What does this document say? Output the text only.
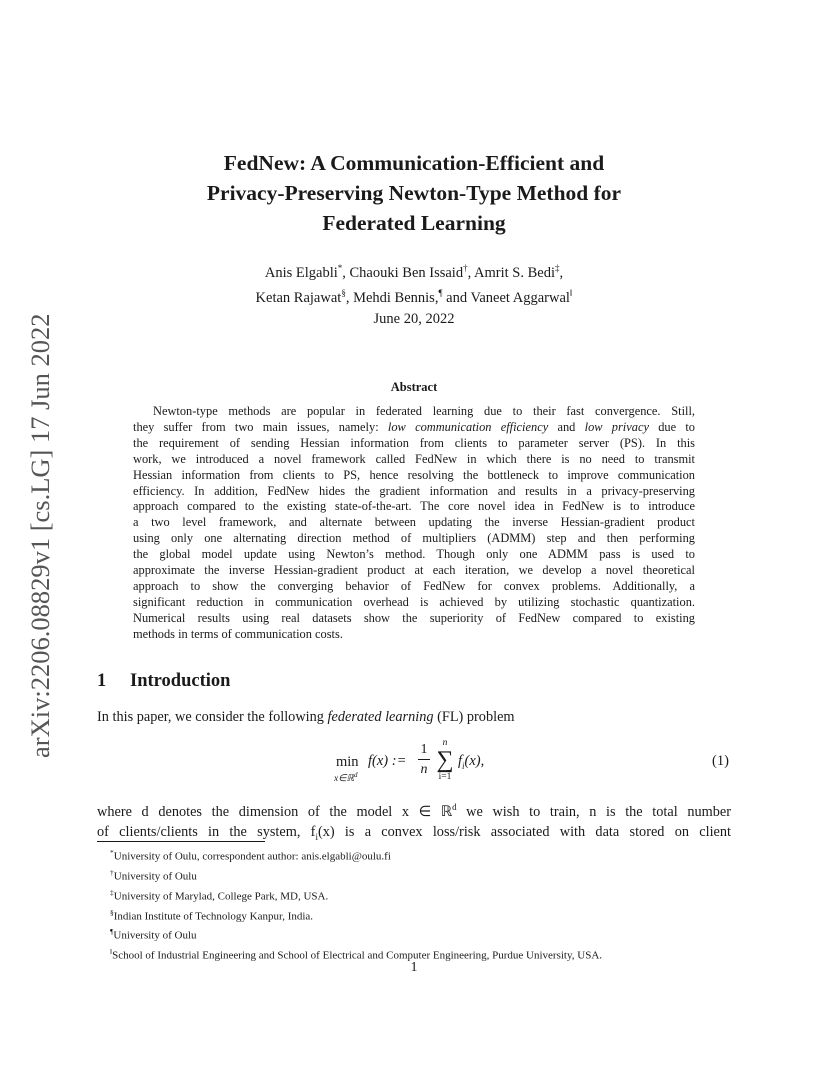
arXiv:2206.08829v1 [cs.LG] 17 Jun 2022
FedNew: A Communication-Efficient and
Privacy-Preserving Newton-Type Method for
Federated Learning
Anis Elgabli*, Chaouki Ben Issaid†, Amrit S. Bedi‡,
Ketan Rajawat§, Mehdi Bennis,¶ and Vaneet Aggarwal‖
June 20, 2022
Abstract
Newton-type methods are popular in federated learning due to their fast convergence. Still,
they suffer from two main issues, namely: low communication efficiency and low privacy due to
the requirement of sending Hessian information from clients to parameter server (PS). In this
work, we introduced a novel framework called FedNew in which there is no need to transmit
Hessian information from clients to PS, hence resolving the bottleneck to improve communication
efficiency. In addition, FedNew hides the gradient information and results in a privacy-preserving
approach compared to the existing state-of-the-art. The core novel idea in FedNew is to introduce
a two level framework, and alternate between updating the inverse Hessian-gradient product
using only one alternating direction method of multipliers (ADMM) step and then performing
the global model update using Newton’s method. Though only one ADMM pass is used to
approximate the inverse Hessian-gradient product at each iteration, we develop a novel theoretical
approach to show the converging behavior of FedNew for convex problems. Additionally, a
significant reduction in communication overhead is achieved by utilizing stochastic quantization.
Numerical results using real datasets show the superiority of FedNew compared to existing
methods in terms of communication costs.
1 Introduction
In this paper, we consider the following federated learning (FL) problem
min
x∈ℝ$^d$
f(x) :=
1
n
n
∑
i=1
$f_i(x)$,	(1)
where d denotes the dimension of the model x ∈ ℝ$^d$ we wish to train, n is the total number
of clients/clients in the system, $f_i(x)$ is a convex loss/risk associated with data stored on client
*University of Oulu, correspondent author: anis.elgabli@oulu.fi
†University of Oulu
‡University of Marylad, College Park, MD, USA.
§Indian Institute of Technology Kanpur, India.
¶University of Oulu
‖School of Industrial Engineering and School of Electrical and Computer Engineering, Purdue University, USA.
1
